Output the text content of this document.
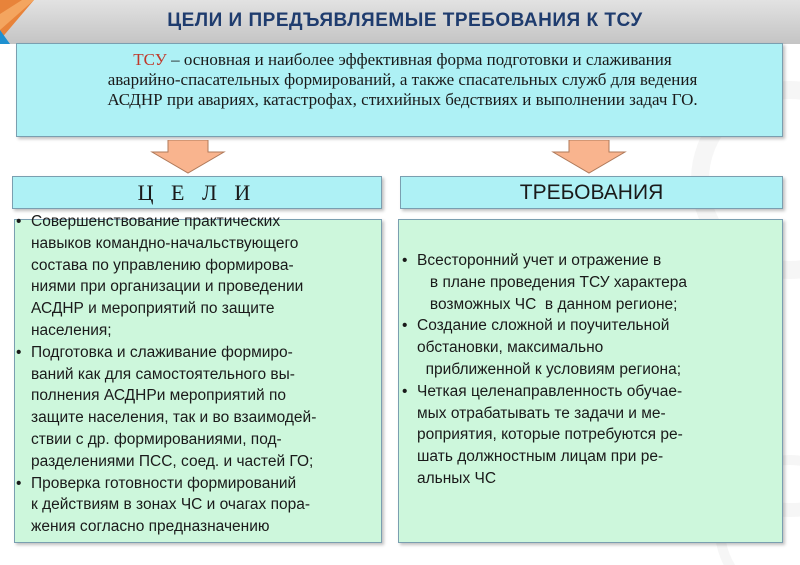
ЦЕЛИ И ПРЕДЪЯВЛЯЕМЫЕ ТРЕБОВАНИЯ К ТСУ
ТСУ – основная и наиболее эффективная форма подготовки и слаживания
аварийно-спасательных формирований, а также спасательных служб для ведения
АСДНР при авариях, катастрофах, стихийных бедствиях и выполнении задач ГО.
Ц Е Л И	ТРЕБОВАНИЯ
• Совершенствование практических
навыков командно-начальствующего
состава по управлению формирова-
ниями при организации и проведении
АСДНР и мероприятий по защите
населения;
• Подготовка и слаживание формиро-
ваний как для самостоятельного вы-
полнения АСДНРи мероприятий по
защите населения, так и во взаимодей-
ствии с др. формированиями, под-
разделениями ПСС, соед. и частей ГО;
• Проверка готовности формирований
к действиям в зонах ЧС и очагах пора-
жения согласно предназначению
• Всесторонний учет и отражение в
в плане проведения ТСУ характера
возможных ЧС  в данном регионе;
• Создание сложной и поучительной
обстановки, максимально
приближенной к условиям региона;
• Четкая целенаправленность обучае-
мых отрабатывать те задачи и ме-
роприятия, которые потребуются ре-
шать должностным лицам при ре-
альных ЧС
